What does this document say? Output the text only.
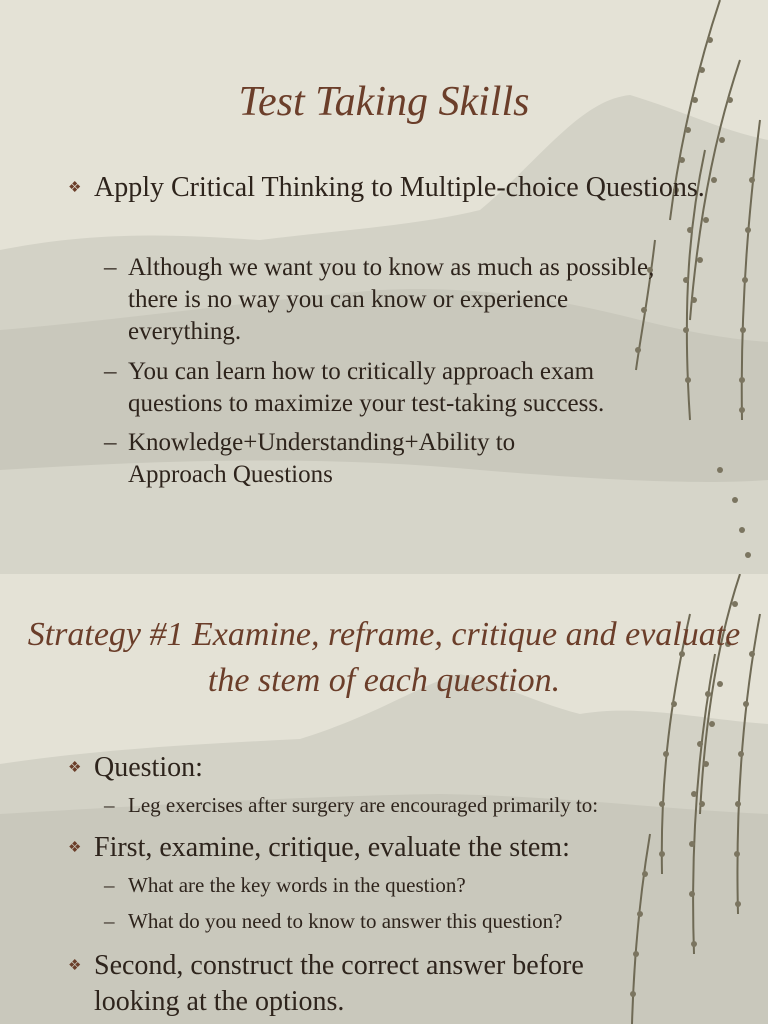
Test Taking Skills
❖ Apply Critical Thinking to Multiple-choice Questions.
– Although we want you to know as much as possible, there is no way you can know or experience everything.
– You can learn how to critically approach exam questions to maximize your test-taking success.
– Knowledge+Understanding+Ability to Approach Questions
Strategy #1 Examine, reframe, critique and evaluate the stem of each question.
❖ Question:
– Leg exercises after surgery are encouraged primarily to:
❖ First, examine, critique, evaluate the stem:
– What are the key words in the question?
– What do you need to know to answer this question?
❖ Second, construct the correct answer before looking at the options.
